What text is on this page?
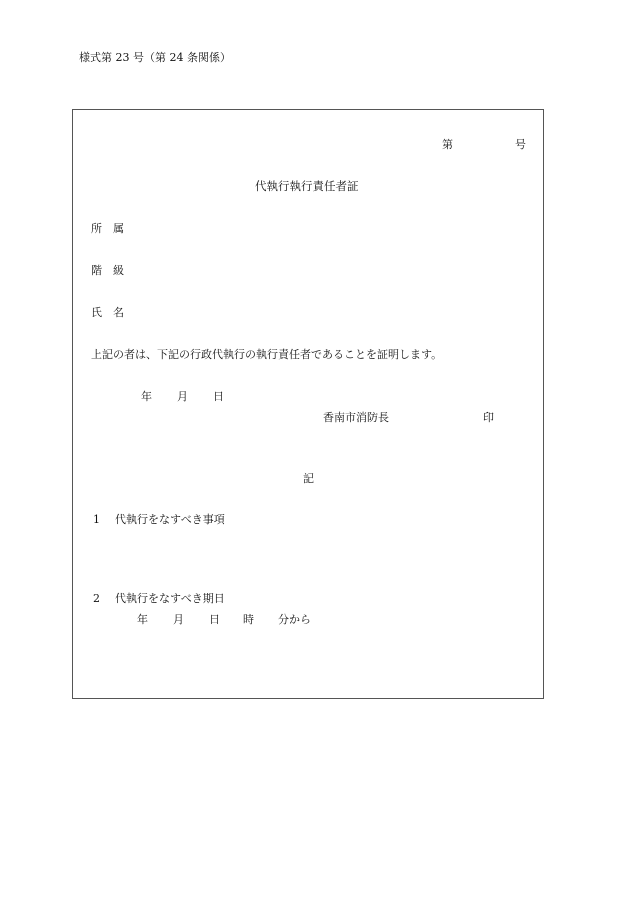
様式第 23 号（第 24 条関係）
第	号
代執行執行責任者証
所　属
階　級
氏　名
上記の者は、下記の行政代執行の執行責任者であることを証明します。
年 月 日
香南市消防長	印
記
1 代執行をなすべき事項
2 代執行をなすべき期日
年 月 日 時 分から
